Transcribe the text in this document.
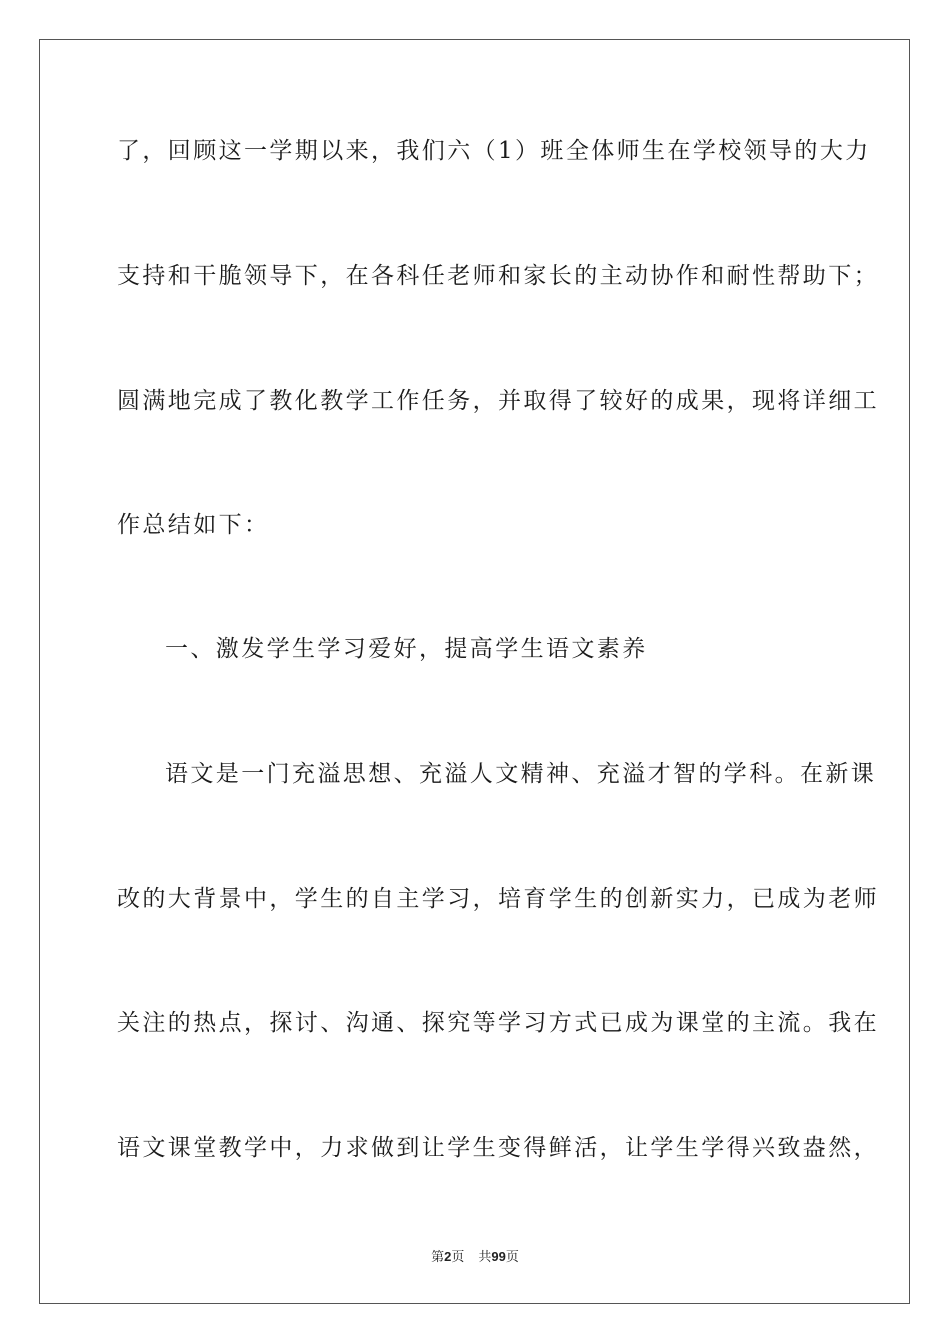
了，回顾这一学期以来，我们六（1）班全体师生在学校领导的大力
支持和干脆领导下，在各科任老师和家长的主动协作和耐性帮助下；
圆满地完成了教化教学工作任务，并取得了较好的成果，现将详细工
作总结如下：
一、激发学生学习爱好，提高学生语文素养
语文是一门充溢思想、充溢人文精神、充溢才智的学科。在新课
改的大背景中，学生的自主学习，培育学生的创新实力，已成为老师
关注的热点，探讨、沟通、探究等学习方式已成为课堂的主流。我在
语文课堂教学中，力求做到让学生变得鲜活，让学生学得兴致盎然，
第2页 共99页
